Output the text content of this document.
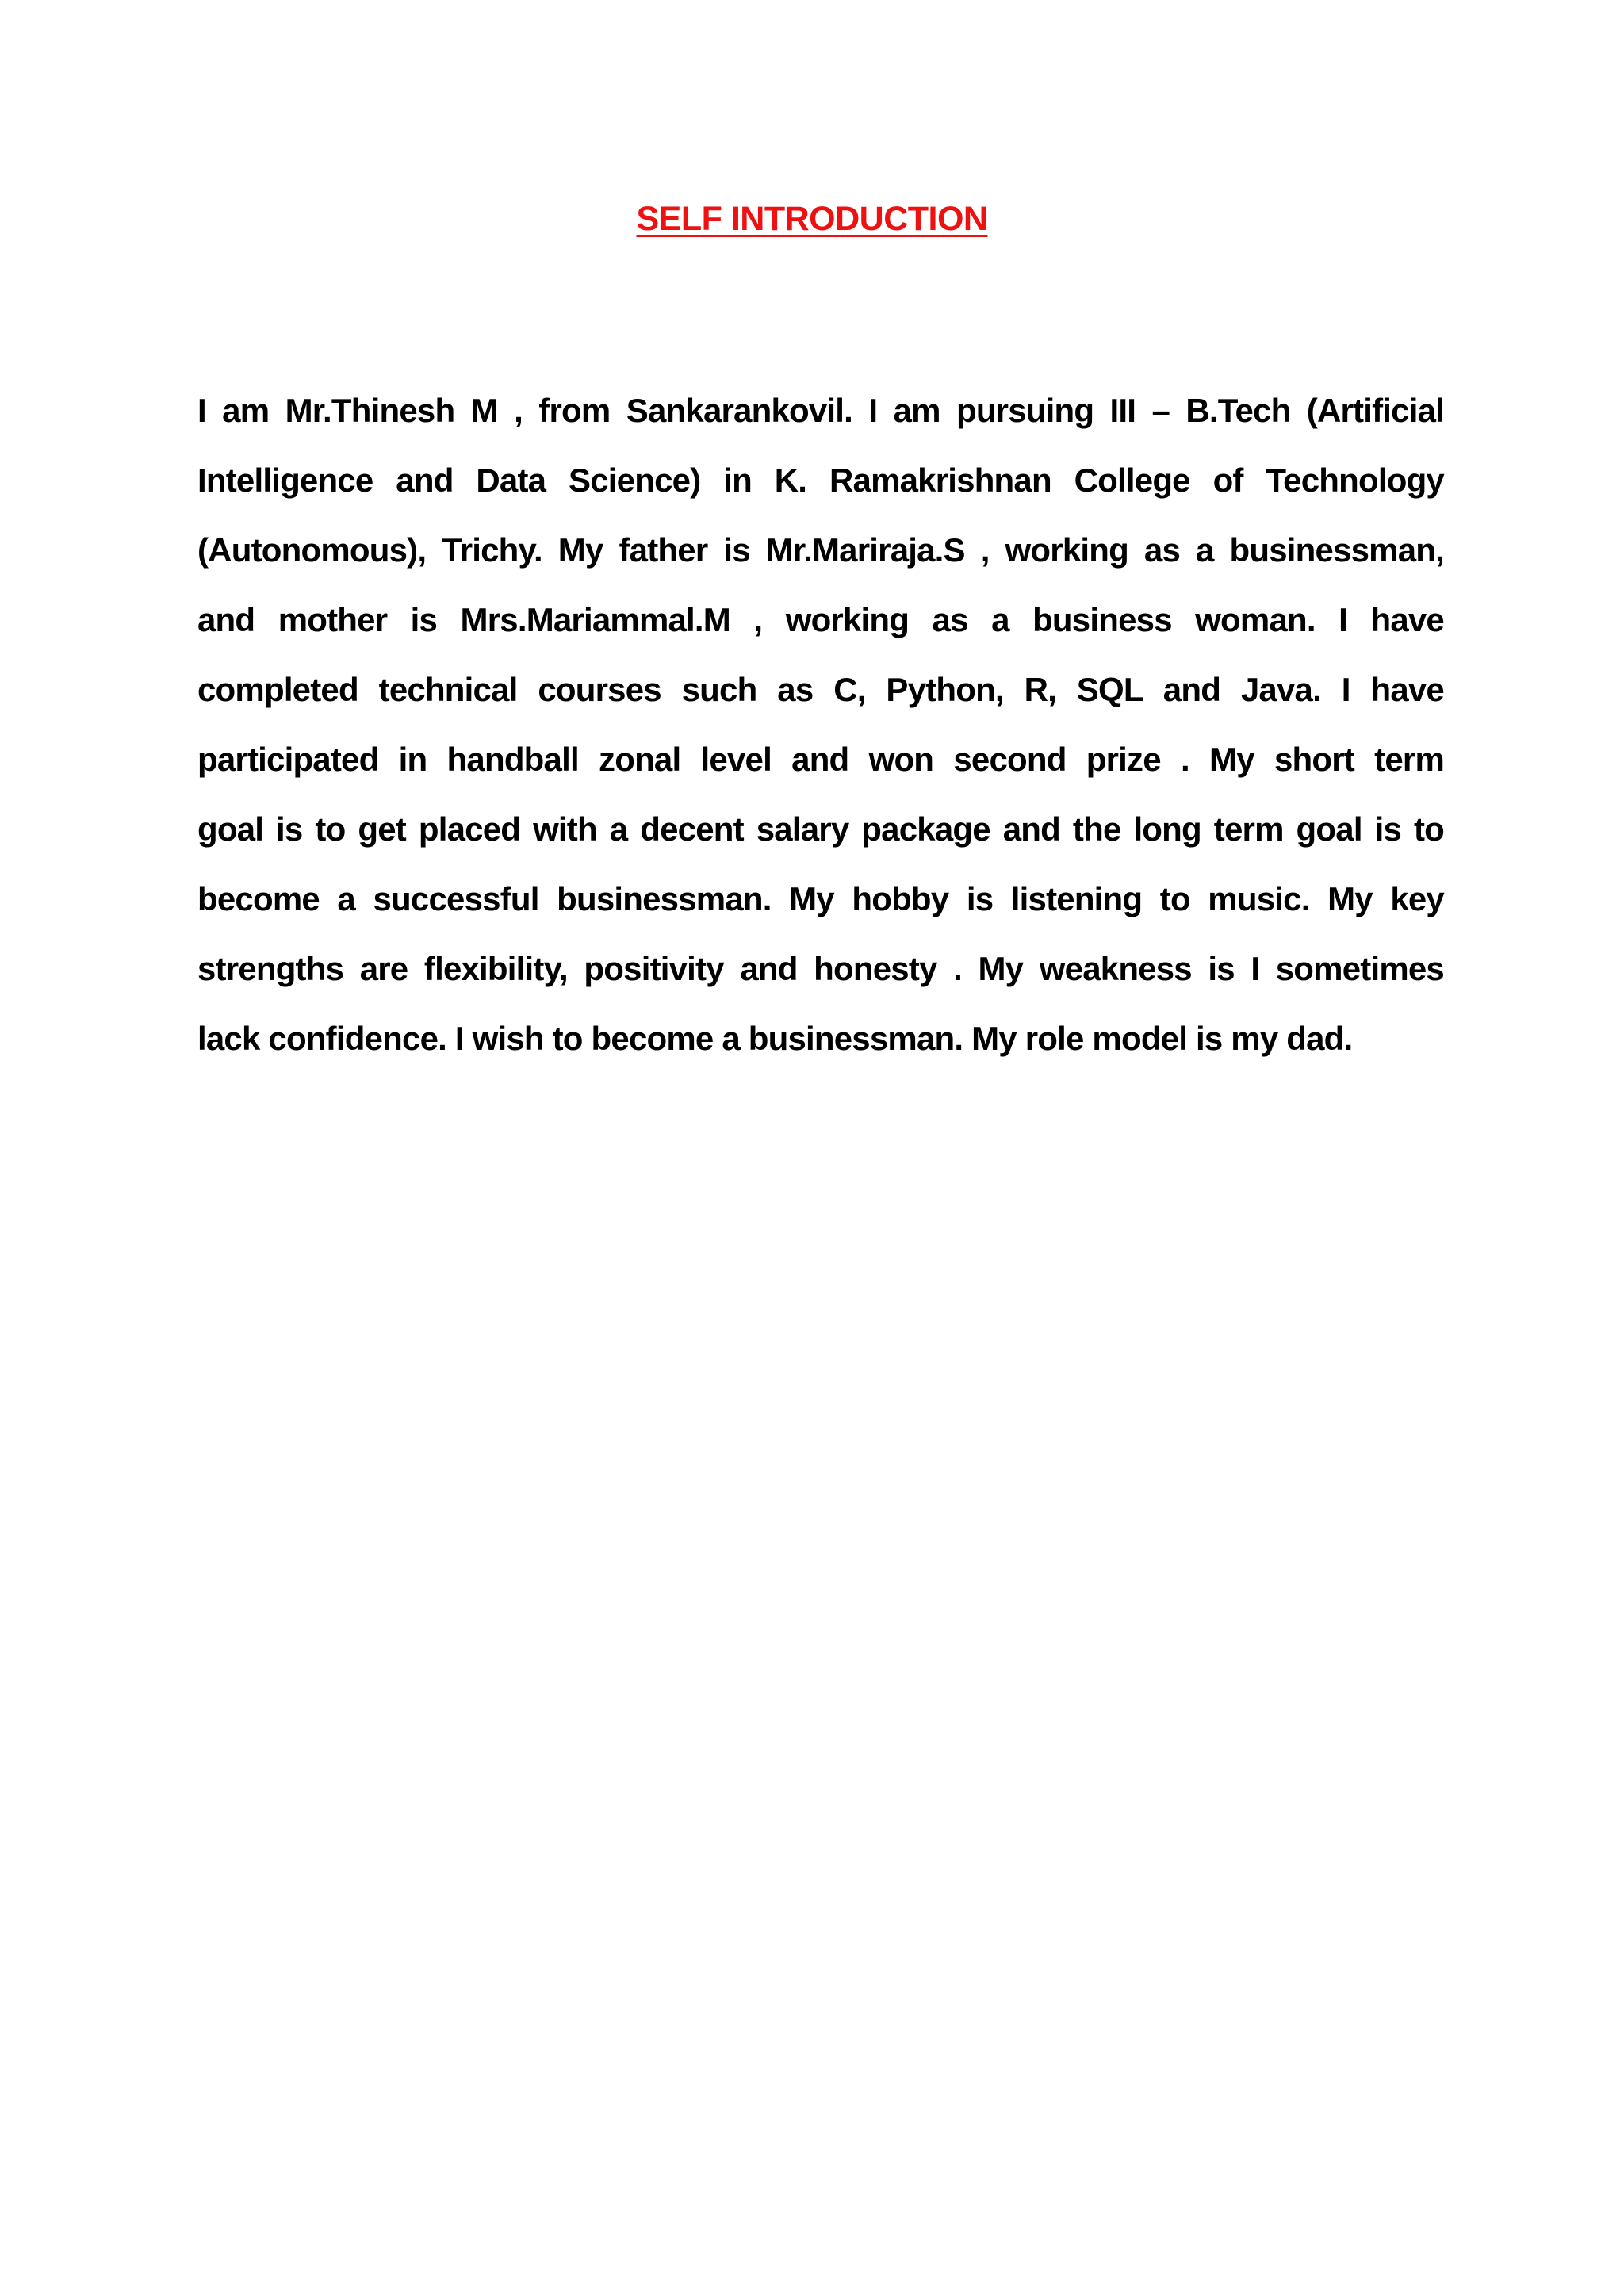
SELF INTRODUCTION
I am Mr.Thinesh M , from Sankarankovil. I am pursuing III – B.Tech (Artificial
Intelligence and Data Science) in K. Ramakrishnan College of Technology
(Autonomous), Trichy. My father is Mr.Mariraja.S , working as a businessman,
and mother is Mrs.Mariammal.M , working as a business woman. I have
completed technical courses such as C, Python, R, SQL and Java. I have
participated in handball zonal level and won second prize . My short term
goal is to get placed with a decent salary package and the long term goal is to
become a successful businessman. My hobby is listening to music. My key
strengths are flexibility, positivity and honesty . My weakness is I sometimes
lack confidence. I wish to become a businessman. My role model is my dad.
